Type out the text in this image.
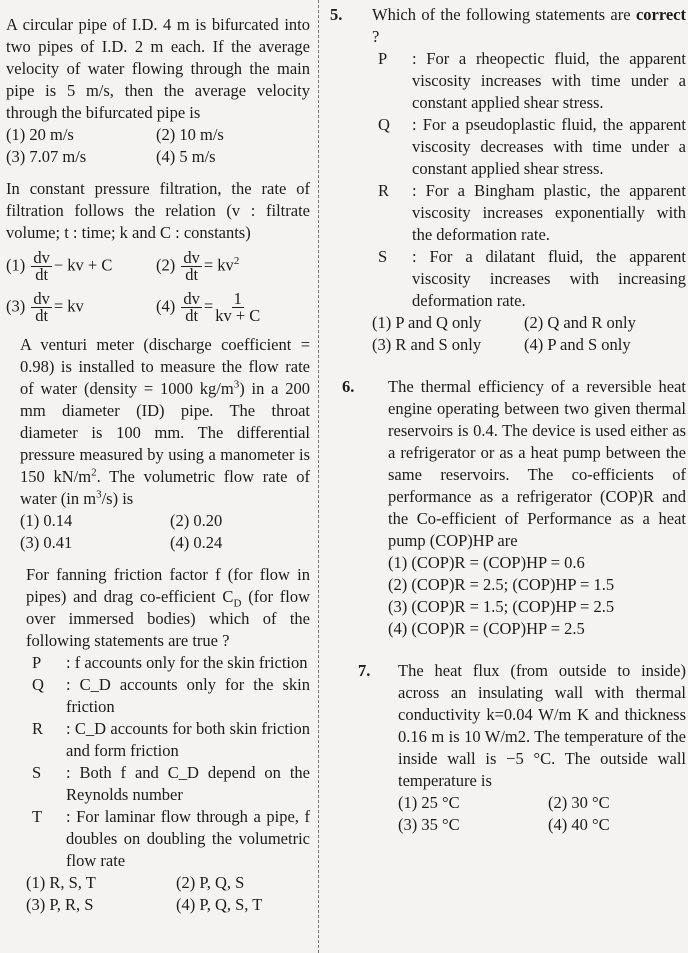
A circular pipe of I.D. 4 m is bifurcated into two pipes of I.D. 2 m each. If the average velocity of water flowing through the main pipe is 5 m/s, then the average velocity through the bifurcated pipe is
(1) 20 m/s	(2) 10 m/s
(3) 7.07 m/s	(4) 5 m/s
In constant pressure filtration, the rate of filtration follows the relation (v : filtrate volume; t : time; k and C : constants)
$(1) \frac{dv}{dt}$ − kv + C	$(2) \frac{dv}{dt} = kv^2$
$(3) \frac{dv}{dt}$ = kv	$(4) \frac{dv}{dt} = \frac{1}{kv + C}$
A venturi meter (discharge coefficient = 0.98) is installed to measure the flow rate of water (density = 1000 $kg/m^3$) in a 200 mm diameter (ID) pipe. The throat diameter is 100 mm. The differential pressure measured by using a manometer is 150 $kN/m^2$. The volumetric flow rate of water (in $m^3/s$) is
(1) 0.14	(2) 0.20
(3) 0.41	(4) 0.24
For fanning friction factor f (for flow in pipes) and drag co-efficient $C_D$ (for flow over immersed bodies) which of the following statements are true ?
P : f accounts only for the skin friction
Q : C_D accounts only for the skin friction
R : C_D accounts for both skin friction and form friction
S : Both f and C_D depend on the Reynolds number
T : For laminar flow through a pipe, f doubles on doubling the volumetric flow rate
(1) R, S, T	(2) P, Q, S
(3) P, R, S	(4) P, Q, S, T
5. Which of the following statements are correct ?
P : For a rheopectic fluid, the apparent viscosity increases with time under a constant applied shear stress.
Q : For a pseudoplastic fluid, the apparent viscosity decreases with time under a constant applied shear stress.
R : For a Bingham plastic, the apparent viscosity increases exponentially with the deformation rate.
S : For a dilatant fluid, the apparent viscosity increases with increasing deformation rate.
(1) P and Q only	(2) Q and R only
(3) R and S only	(4) P and S only
6. The thermal efficiency of a reversible heat engine operating between two given thermal reservoirs is 0.4. The device is used either as a refrigerator or as a heat pump between the same reservoirs. The co-efficients of performance as a refrigerator (COP)R and the Co-efficient of Performance as a heat pump (COP)HP are
(1) (COP)R = (COP)HP = 0.6
(2) (COP)R = 2.5; (COP)HP = 1.5
(3) (COP)R = 1.5; (COP)HP = 2.5
(4) (COP)R = (COP)HP = 2.5
7. The heat flux (from outside to inside) across an insulating wall with thermal conductivity k=0.04 W/m K and thickness 0.16 m is 10 W/m2. The temperature of the inside wall is −5 °C. The outside wall temperature is
(1) 25 °C	(2) 30 °C
(3) 35 °C	(4) 40 °C
